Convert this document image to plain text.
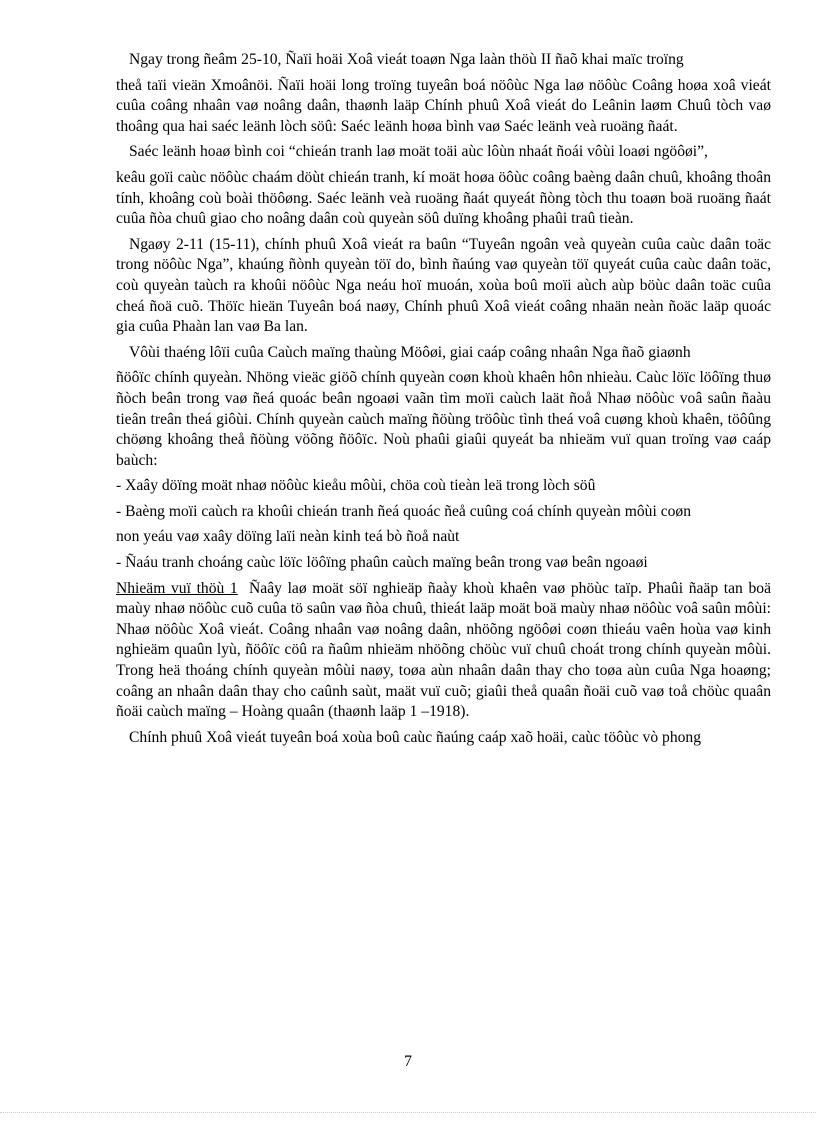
Ngay trong ñeâm 25-10, Ñaïi hoäi Xoâ vieát toaøn Nga laàn thöù II ñaõ khai maïc troïng

theå taïi vieän Xmoânöi. Ñaïi hoäi long troïng tuyeân boá nöôùc Nga laø nöôùc Coâng hoøa xoâ vieát cuûa coâng nhaân vaø noâng daân, thaønh laäp Chính phuû Xoâ vieát do Leânin laøm Chuû tòch vaø thoâng qua hai saéc leänh lòch söû: Saéc leänh hoøa bình vaø Saéc leänh veà ruoäng ñaát.

Saéc leänh hoaø bình coi “chieán tranh laø moät toäi aùc lôùn nhaát ñoái vôùi loaøi ngöôøi”,

keâu goïi caùc nöôùc chaám döùt chieán tranh, kí moät hoøa öôùc coâng baèng daân chuû, khoâng thoân tính, khoâng coù boài thöôøng. Saéc leänh veà ruoäng ñaát quyeát ñòng tòch thu toaøn boä ruoäng ñaát cuûa ñòa chuû giao cho noâng daân coù quyeàn söû duïng khoâng phaûi traû tieàn.

Ngaøy 2-11 (15-11), chính phuû Xoâ vieát ra baûn “Tuyeân ngoân veà quyeàn cuûa caùc daân toäc trong nöôùc Nga”, khaúng ñònh quyeàn töï do, bình ñaúng vaø quyeàn töï quyeát cuûa caùc daân toäc, coù quyeàn taùch ra khoûi nöôùc Nga neáu hoï muoán, xoùa boû moïi aùch aùp böùc daân toäc cuûa cheá ñoä cuõ. Thöïc hieän Tuyeân boá naøy, Chính phuû Xoâ vieát coâng nhaän neàn ñoäc laäp quoác gia cuûa Phaàn lan vaø Ba lan.

Vôùi thaéng lôïi cuûa Caùch maïng thaùng Möôøi, giai caáp coâng nhaân Nga ñaõ giaønh

ñöôïc chính quyeàn. Nhöng vieäc giöõ chính quyeàn coøn khoù khaên hôn nhieàu. Caùc löïc löôïng thuø ñòch beân trong vaø ñeá quoác beân ngoaøi vaãn tìm moïi caùch laät ñoå Nhaø nöôùc voâ saûn ñaàu tieân treân theá giôùi. Chính quyeàn caùch maïng ñöùng tröôùc tình theá voâ cuøng khoù khaên, töôûng chöøng khoâng theå ñöùng vöõng ñöôïc. Noù phaûi giaûi quyeát ba nhieäm vuï quan troïng vaø caáp baùch:

- Xaây döïng moät nhaø nöôùc kieåu môùi, chöa coù tieàn leä trong lòch söû

- Baèng moïi caùch ra khoûi chieán tranh ñeá quoác ñeå cuûng coá chính quyeàn môùi coøn

non yeáu vaø xaây döïng laïi neàn kinh teá bò ñoå naùt

- Ñaáu tranh choáng caùc löïc löôïng phaûn caùch maïng beân trong vaø beân ngoaøi

Nhieäm vuï thöù 1 Ñaây laø moät söï nghieäp ñaày khoù khaên vaø phöùc taïp. Phaûi ñaäp tan boä maùy nhaø nöôùc cuõ cuûa tö saûn vaø ñòa chuû, thieát laäp moät boä maùy nhaø nöôùc voâ saûn môùi: Nhaø nöôùc Xoâ vieát. Coâng nhaân vaø noâng daân, nhöõng ngöôøi coøn thieáu vaên hoùa vaø kinh nghieäm quaûn lyù, ñöôïc cöû ra ñaûm nhieäm nhöõng chöùc vuï chuû choát trong chính quyeàn môùi. Trong heä thoáng chính quyeàn môùi naøy, toøa aùn nhaân daân thay cho toøa aùn cuûa Nga hoaøng; coâng an nhaân daân thay cho caûnh saùt, maät vuï cuõ; giaûi theå quaân ñoäi cuõ vaø toå chöùc quaân ñoäi caùch maïng – Hoàng quaân (thaønh laäp 1 –1918).

Chính phuû Xoâ vieát tuyeân boá xoùa boû caùc ñaúng caáp xaõ hoäi, caùc töôùc vò phong

7
